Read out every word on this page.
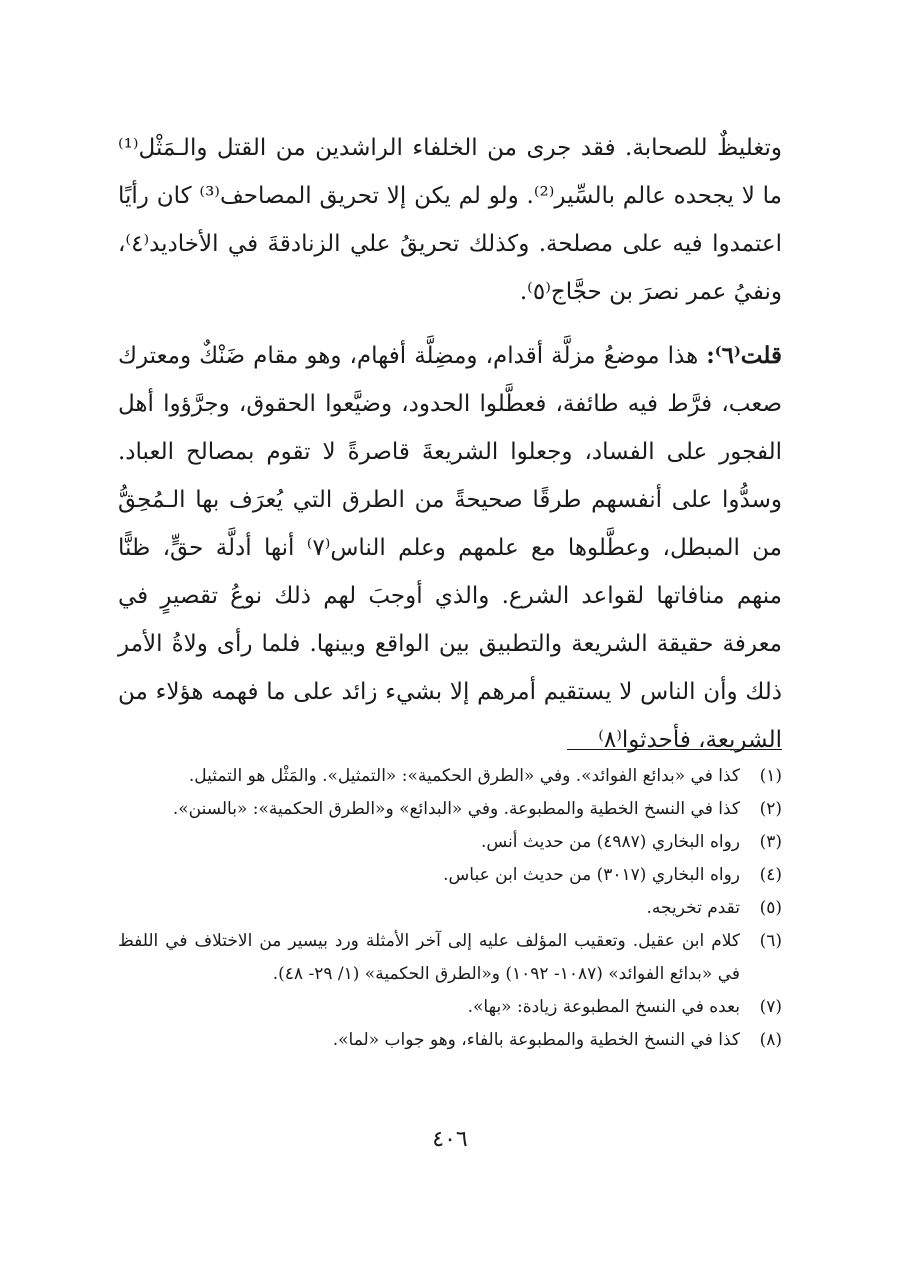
وتغليظٌ للصحابة. فقد جرى من الخلفاء الراشدين من القتل والـمَثْل⁽¹⁾ ما لا يجحده عالم بالسِّير⁽²⁾. ولو لم يكن إلا تحريق المصاحف⁽³⁾ كان رأيًا اعتمدوا فيه على مصلحة. وكذلك تحريقُ علي الزنادقةَ في الأخاديد⁽٤⁾، ونفيُ عمر نصرَ بن حجَّاج⁽٥⁾.

قلت⁽٦⁾: هذا موضعُ مزلَّة أقدام، ومضِلَّة أفهام، وهو مقام ضَنْكٌ ومعترك صعب، فرَّط فيه طائفة، فعطَّلوا الحدود، وضيَّعوا الحقوق، وجرَّؤوا أهل الفجور على الفساد، وجعلوا الشريعةَ قاصرةً لا تقوم بمصالح العباد. وسدُّوا على أنفسهم طرقًا صحيحةً من الطرق التي يُعرَف بها الـمُحِقُّ من المبطل، وعطَّلوها مع علمهم وعلم الناس⁽٧⁾ أنها أدلَّة حقٍّ، ظنًّا منهم منافاتها لقواعد الشرع. والذي أوجبَ لهم ذلك نوعُ تقصيرٍ في معرفة حقيقة الشريعة والتطبيق بين الواقع وبينها. فلما رأى ولاةُ الأمر ذلك وأن الناس لا يستقيم أمرهم إلا بشيء زائد على ما فهمه هؤلاء من الشريعة، فأحدثوا⁽٨⁾

(١)
كذا في «بدائع الفوائد». وفي «الطرق الحكمية»: «التمثيل». والمَثْل هو التمثيل.
(٢)
كذا في النسخ الخطية والمطبوعة. وفي «البدائع» و«الطرق الحكمية»: «بالسنن».
(٣)
رواه البخاري (٤٩٨٧) من حديث أنس.
(٤)
رواه البخاري (٣٠١٧) من حديث ابن عباس.
(٥)
تقدم تخريجه.
(٦)
كلام ابن عقيل. وتعقيب المؤلف عليه إلى آخر الأمثلة ورد بيسير من الاختلاف في اللفظ في «بدائع الفوائد» (١٠٨٧- ١٠٩٢) و«الطرق الحكمية» (١/ ٢٩- ٤٨).
(٧)
بعده في النسخ المطبوعة زيادة: «بها».
(٨)
كذا في النسخ الخطية والمطبوعة بالفاء، وهو جواب «لما».
٤٠٦
